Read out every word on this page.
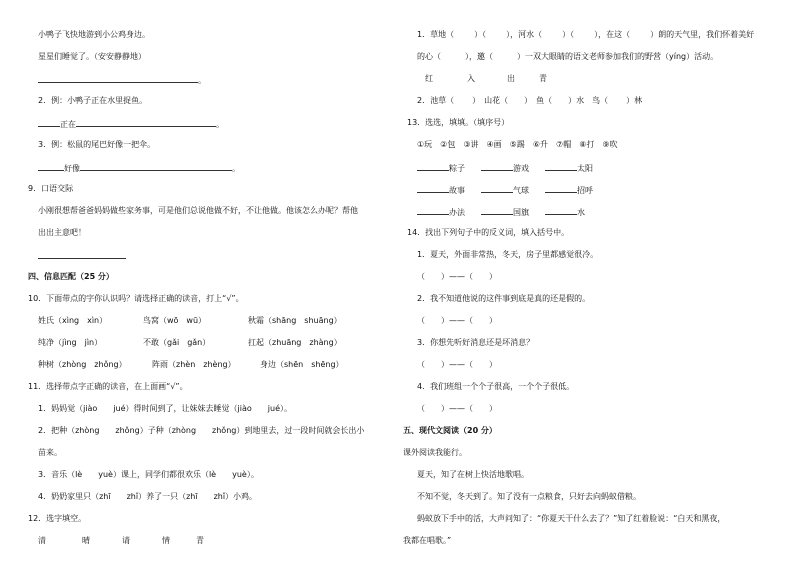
小鸭子飞快地游到小公鸡身边。
星星们睡觉了。（安安静静地）
。
2．例：小鸭子正在水里捉鱼。
正在	。
3．例：松鼠的尾巴好像一把伞。
好像	。
9．口语交际
小刚很想帮爸爸妈妈做些家务事，可是他们总说他做不好，不让他做。他该怎么办呢？帮他
出出主意吧！
四、信息匹配（25 分）
10．下面带点的字你认识吗？请选择正确的读音，打上“√”。
姓氏（xìng　xìn）	鸟窝（wō　wū）	秋霜（shāng　shuāng）
纯净（jìng　jìn）	不敢（gǎi　gǎn）	扛起（zhuāng　zhàng）
种树（zhòng　zhǒng）	阵雨（zhèn　zhèng）	身边（shēn　shēng）
11．选择带点字正确的读音，在上面画“√”。
1．妈妈觉（jiào　　jué）得时间到了，让妹妹去睡觉（jiào　　jué）。
2．把种（zhòng　　zhǒng）子种（zhòng　　zhǒng）到地里去，过一段时间就会长出小
苗来。
3．音乐（lè　　yuè）课上，同学们都很欢乐（lè　　yuè）。
4．奶奶家里只（zhī　　zhǐ）养了一只（zhī　　zhǐ）小鸡。
12．选字填空。
清	晴	请	情	青
1．草地（	）（	），河水（	）（	），在这（	）朗的天气里，我们怀着美好
的心（	），邀（	）一双大眼睛的语文老师参加我们的野营（yíng）活动。
红	入	出	青
2．池草（ ）　山花（ ）　鱼（ ）水　鸟（ ）林
13．选选，填填。（填序号）
①玩　②包　③讲　④画　⑤踢　⑥升　⑦帽　⑧打　⑨吹
粽子	游戏	太阳
故事	气球	招呼
办法	国旗	水
14．找出下列句子中的反义词，填入括号中。
1．夏天，外面非常热，冬天，房子里都感觉很冷。
（　　）——（　　）
2．我不知道他说的这件事到底是真的还是假的。
（　　）——（　　）
3．你想先听好消息还是坏消息？
（　　）——（　　）
4．我们班组一个个子很高，一个个子很低。
（　　）——（　　）
五、现代文阅读（20 分）
课外阅读我能行。
夏天，知了在树上快活地歌唱。
不知不觉，冬天到了。知了没有一点粮食，只好去向蚂蚁借粮。
蚂蚁放下手中的活，大声问知了：“你夏天干什么去了？”知了红着脸说：“白天和黑夜，
我都在唱歌。”
